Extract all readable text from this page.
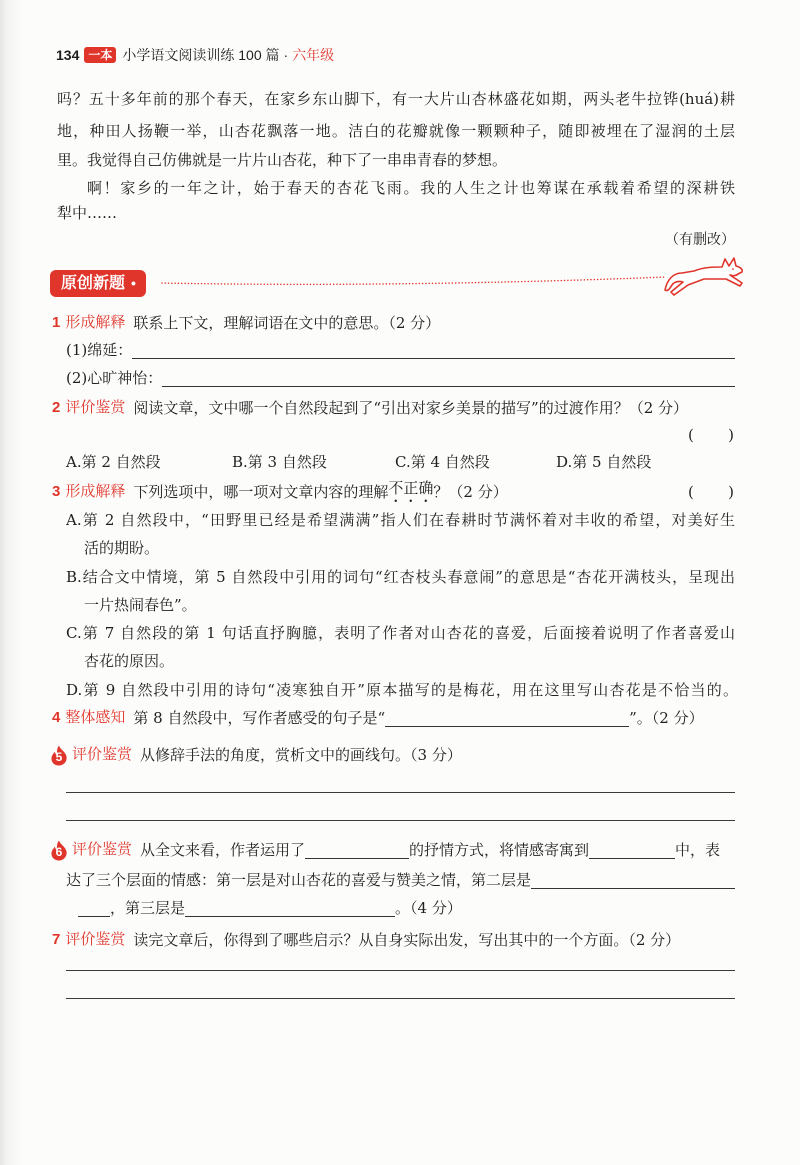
134 一本 小学语文阅读训练 100 篇 · 六年级
吗？五十多年前的那个春天，在家乡东山脚下，有一大片山杏林盛花如期，两头老牛拉铧(huá)耕
地，种田人扬鞭一举，山杏花飘落一地。洁白的花瓣就像一颗颗种子，随即被埋在了湿润的土层
里。我觉得自己仿佛就是一片片山杏花，种下了一串串青春的梦想。
啊！家乡的一年之计，始于春天的杏花飞雨。我的人生之计也筹谋在承载着希望的深耕铁
犁中……
（有删改）
原创新题 •
1 形成解释 联系上下文，理解词语在文中的意思。（2 分）
(1)绵延：
(2)心旷神怡：
2 评价鉴赏 阅读文章，文中哪一个自然段起到了“引出对家乡美景的描写”的过渡作用？（2 分）
( )
A.第 2 自然段	B.第 3 自然段	C.第 4 自然段	D.第 5 自然段
3 形成解释 下列选项中，哪一项对文章内容的理解 不正确 ？（2 分）	( )
A.第 2 自然段中，“田野里已经是希望满满”指人们在春耕时节满怀着对丰收的希望，对美好生
活的期盼。
B.结合文中情境，第 5 自然段中引用的词句“红杏枝头春意闹”的意思是“杏花开满枝头，呈现出
一片热闹春色”。
C.第 7 自然段的第 1 句话直抒胸臆，表明了作者对山杏花的喜爱，后面接着说明了作者喜爱山
杏花的原因。
D.第 9 自然段中引用的诗句“凌寒独自开”原本描写的是梅花，用在这里写山杏花是不恰当的。
4 整体感知 第 8 自然段中，写作者感受的句子是“	”。（2 分）
5 评价鉴赏 从修辞手法的角度，赏析文中的画线句。（3 分）
6 评价鉴赏 从全文来看，作者运用了	的抒情方式，将情感寄寓到	中，表
达了三个层面的情感：第一层是对山杏花的喜爱与赞美之情，第二层是
，第三层是	。（4 分）
7 评价鉴赏 读完文章后，你得到了哪些启示？从自身实际出发，写出其中的一个方面。（2 分）
